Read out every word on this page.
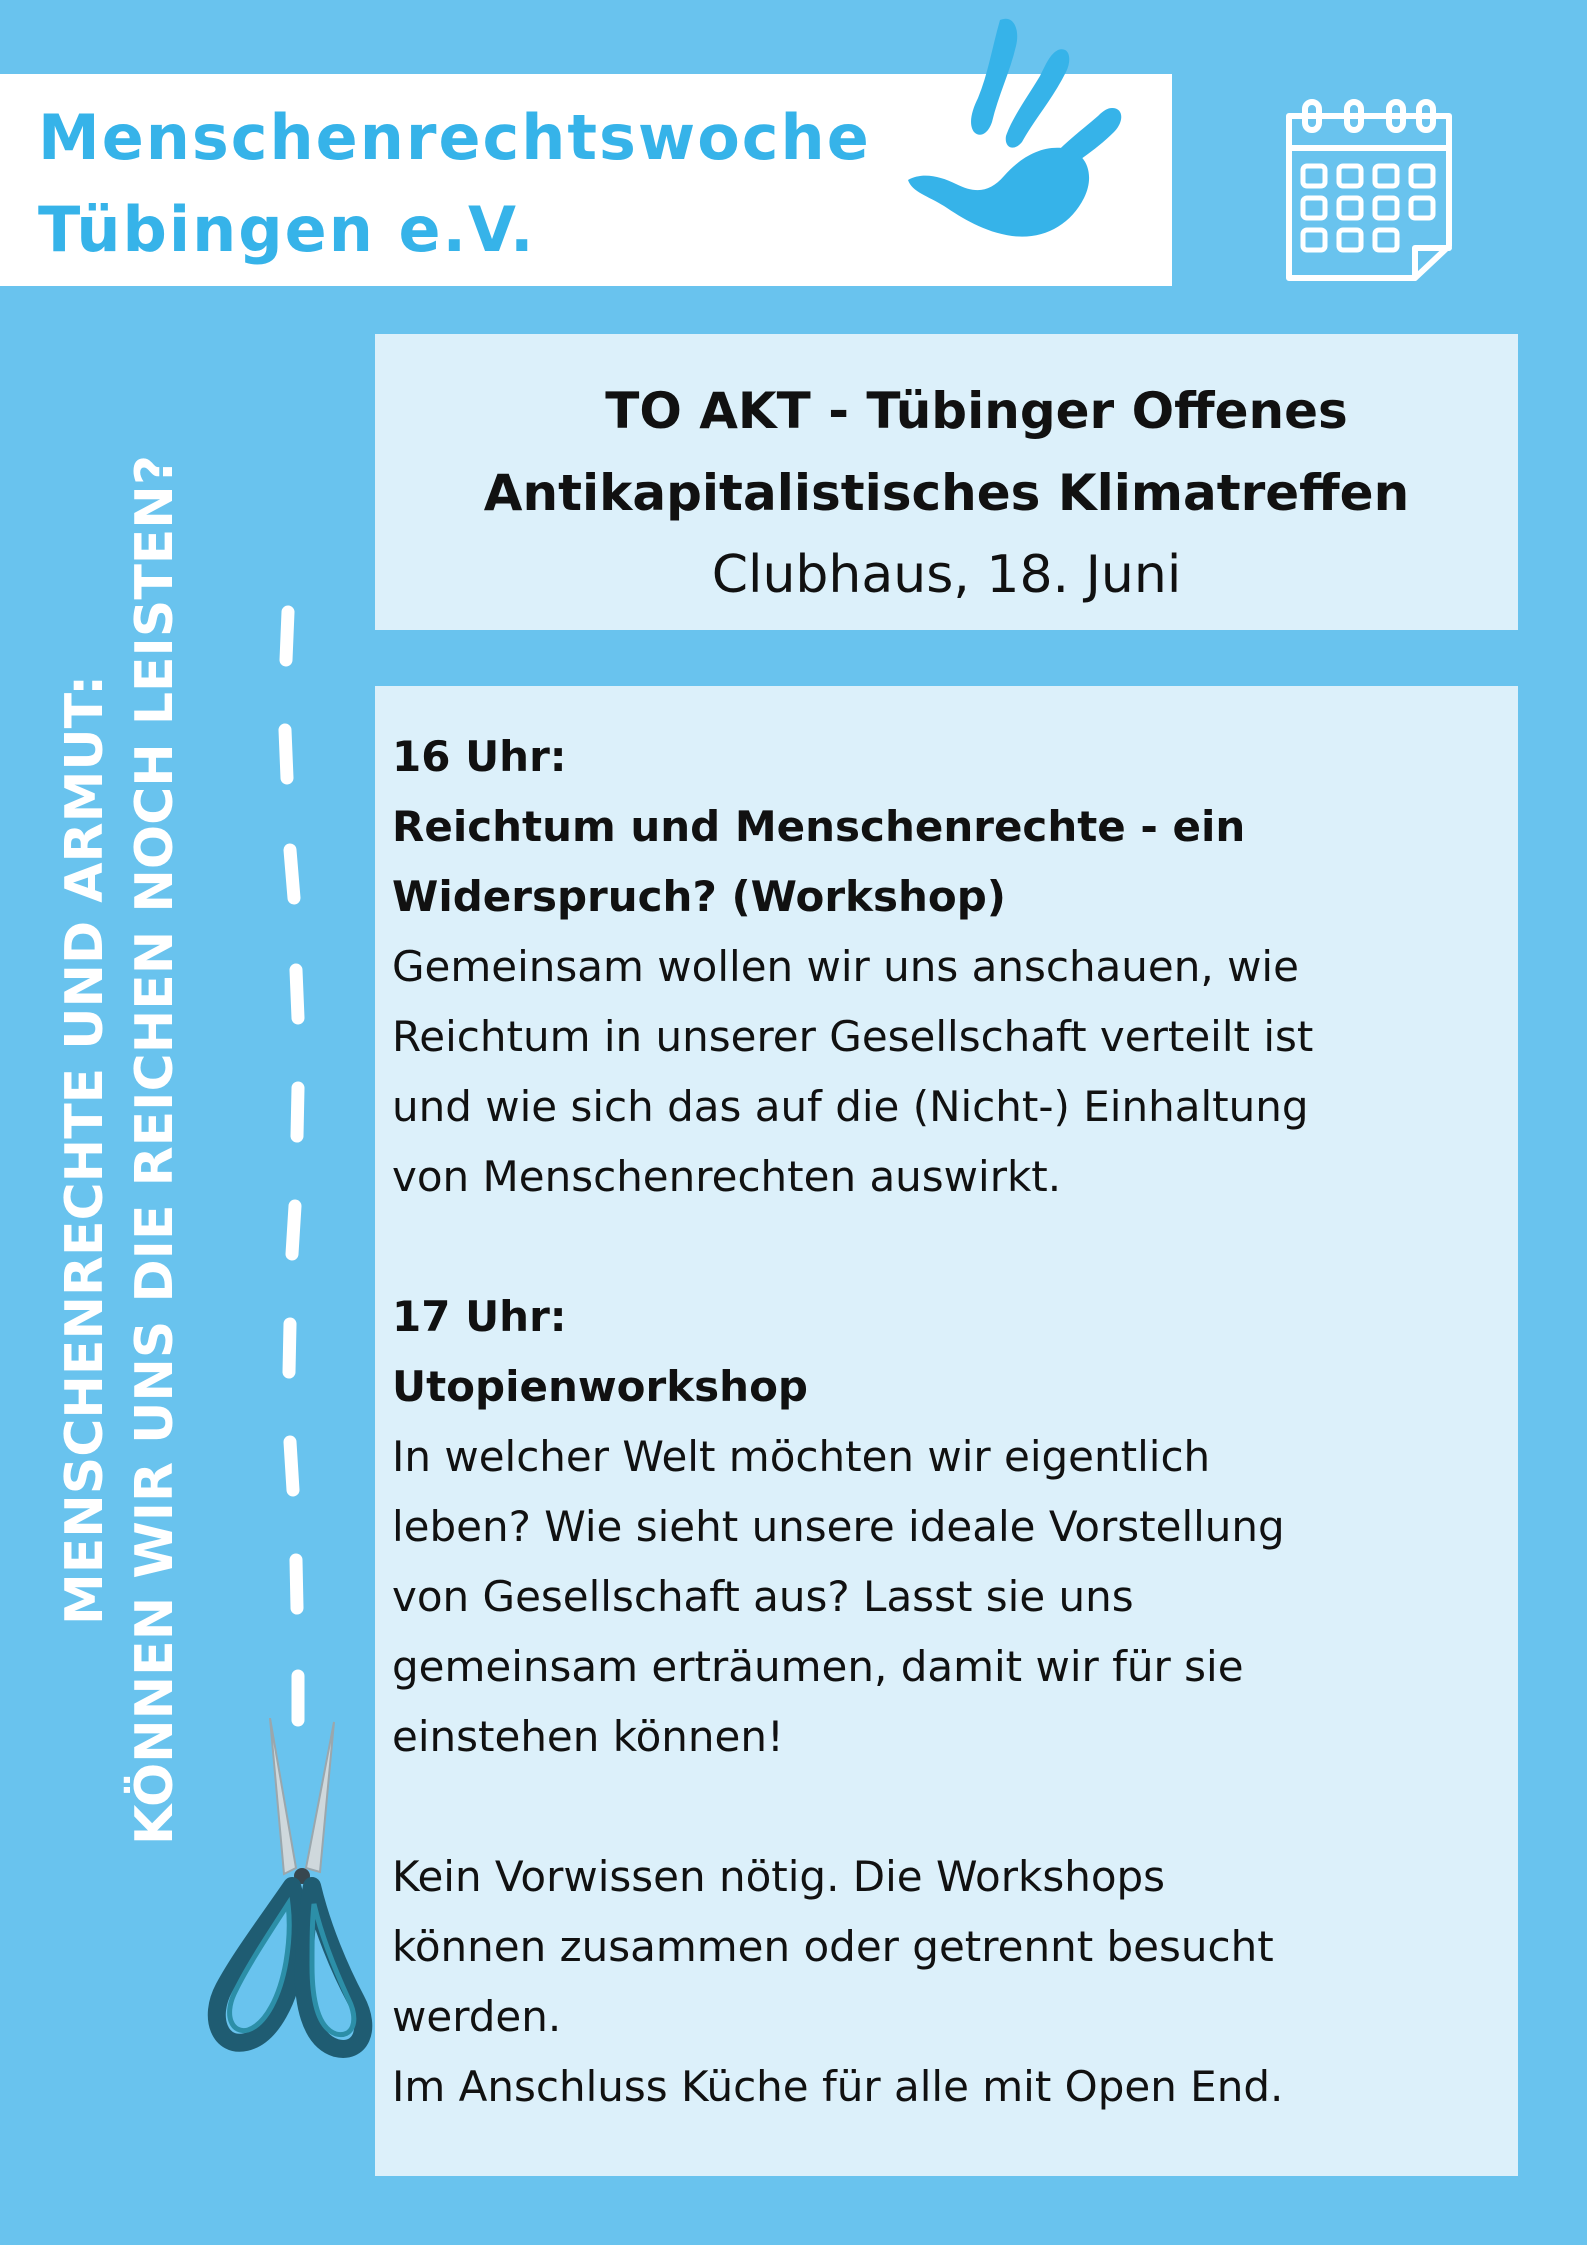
Menschenrechtswoche
Tübingen e.V.
MENSCHENRECHTE UND ARMUT: KÖNNEN WIR UNS DIE REICHEN NOCH LEISTEN?
TO AKT - Tübinger Offenes
Antikapitalistisches Klimatreffen

Clubhaus, 18. Juni

16 Uhr:

Reichtum und Menschenrechte - ein

Widerspruch? (Workshop)

Gemeinsam wollen wir uns anschauen, wie

Reichtum in unserer Gesellschaft verteilt ist

und wie sich das auf die (Nicht-) Einhaltung

von Menschenrechten auswirkt.

17 Uhr:

Utopienworkshop

In welcher Welt möchten wir eigentlich

leben? Wie sieht unsere ideale Vorstellung

von Gesellschaft aus? Lasst sie uns

gemeinsam erträumen, damit wir für sie

einstehen können!

Kein Vorwissen nötig. Die Workshops

können zusammen oder getrennt besucht

werden.

Im Anschluss Küche für alle mit Open End.
